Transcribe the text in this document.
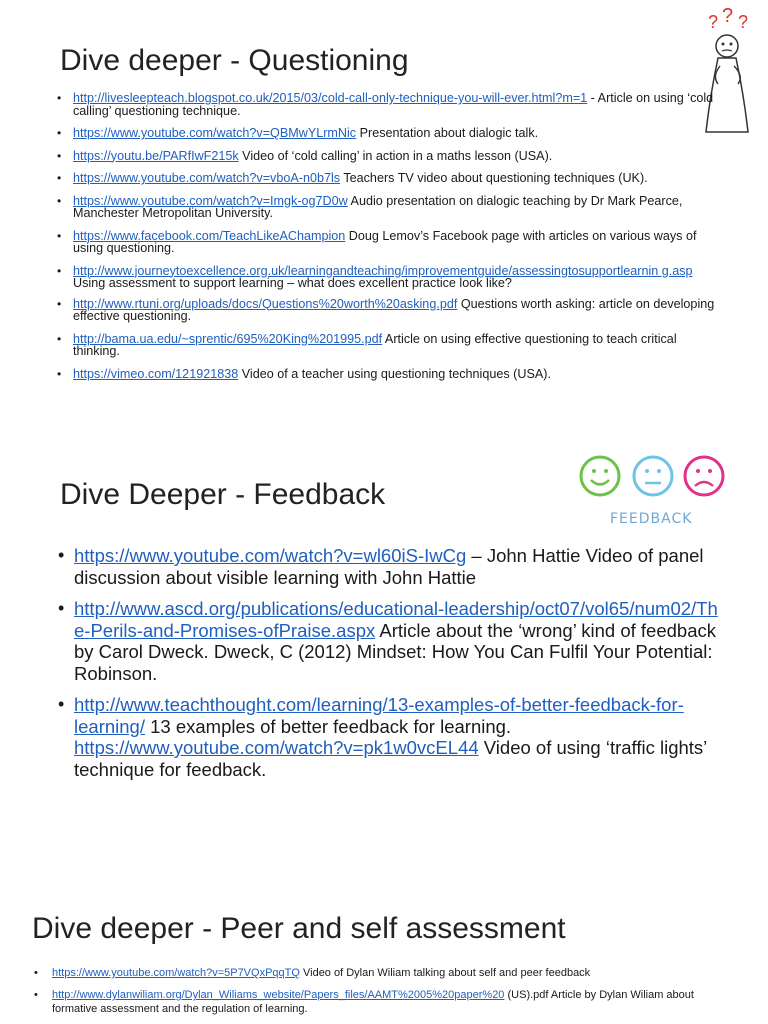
? ? ?
Dive deeper - Questioning
• http://livesleepteach.blogspot.co.uk/2015/03/cold-call-only-technique-you-will-ever.html?m=1 - Article on using ‘cold calling’ questioning technique.
• https://www.youtube.com/watch?v=QBMwYLrmNic Presentation about dialogic talk.
• https://youtu.be/PARfIwF215k Video of ‘cold calling’ in action in a maths lesson (USA).
• https://www.youtube.com/watch?v=vboA-n0b7ls Teachers TV video about questioning techniques (UK).
• https://www.youtube.com/watch?v=Imgk-og7D0w Audio presentation on dialogic teaching by Dr Mark Pearce, Manchester Metropolitan University.
• https://www.facebook.com/TeachLikeAChampion Doug Lemov’s Facebook page with articles on various ways of using questioning.
• http://www.journeytoexcellence.org.uk/learningandteaching/improvementguide/assessingtosupportlearnin g.asp Using assessment to support learning – what does excellent practice look like?
• http://www.rtuni.org/uploads/docs/Questions%20worth%20asking.pdf Questions worth asking: article on developing effective questioning.
• http://bama.ua.edu/~sprentic/695%20King%201995.pdf Article on using effective questioning to teach critical thinking.
• https://vimeo.com/121921838 Video of a teacher using questioning techniques (USA).
FEEDBACK
Dive Deeper - Feedback
• https://www.youtube.com/watch?v=wl60iS-IwCg – John Hattie Video of panel discussion about visible learning with John Hattie
• http://www.ascd.org/publications/educational-leadership/oct07/vol65/num02/The-Perils-and-Promises-ofPraise.aspx Article about the ‘wrong’ kind of feedback by Carol Dweck. Dweck, C (2012) Mindset: How You Can Fulfil Your Potential: Robinson.
• http://www.teachthought.com/learning/13-examples-of-better-feedback-for-learning/ 13 examples of better feedback for learning. https://www.youtube.com/watch?v=pk1w0vcEL44 Video of using ‘traffic lights’ technique for feedback.
Dive deeper - Peer and self assessment
• https://www.youtube.com/watch?v=5P7VQxPqqTQ Video of Dylan Wiliam talking about self and peer feedback
• http://www.dylanwiliam.org/Dylan_Wiliams_website/Papers_files/AAMT%2005%20paper%20 (US).pdf Article by Dylan Wiliam about formative assessment and the regulation of learning.
